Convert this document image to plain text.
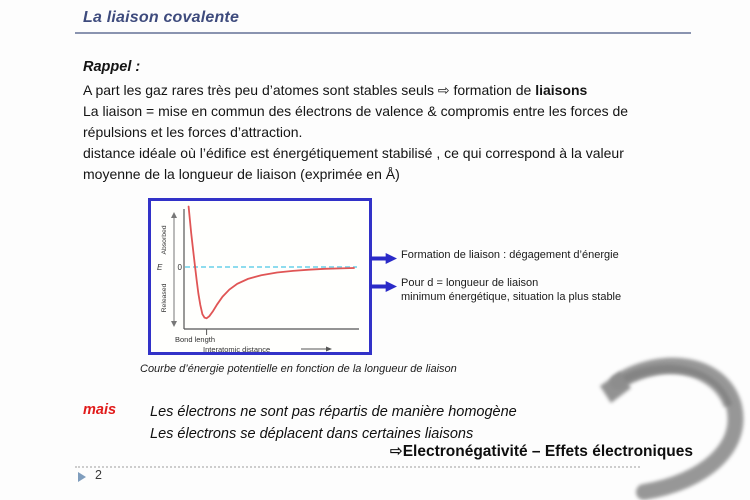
La liaison covalente
Rappel :
A part les gaz rares très peu d’atomes sont stables seuls ⇨ formation de liaisons
La liaison = mise en commun des électrons de valence & compromis entre les forces de
répulsions et les forces d’attraction.
distance idéale où l’édifice est énergétiquement stabilisé , ce qui correspond à la valeur
moyenne de la longueur de liaison (exprimée en Å)
Absorbed
Released
E 0
Bond length
Interatomic distance
Courbe d’énergie potentielle en fonction de la longueur de liaison
Formation de liaison : dégagement d’énergie
Pour d = longueur de liaison
minimum énergétique, situation la plus stable
mais Les électrons ne sont pas répartis de manière homogène
Les électrons se déplacent dans certaines liaisons
⇨Electronégativité – Effets électroniques
2
